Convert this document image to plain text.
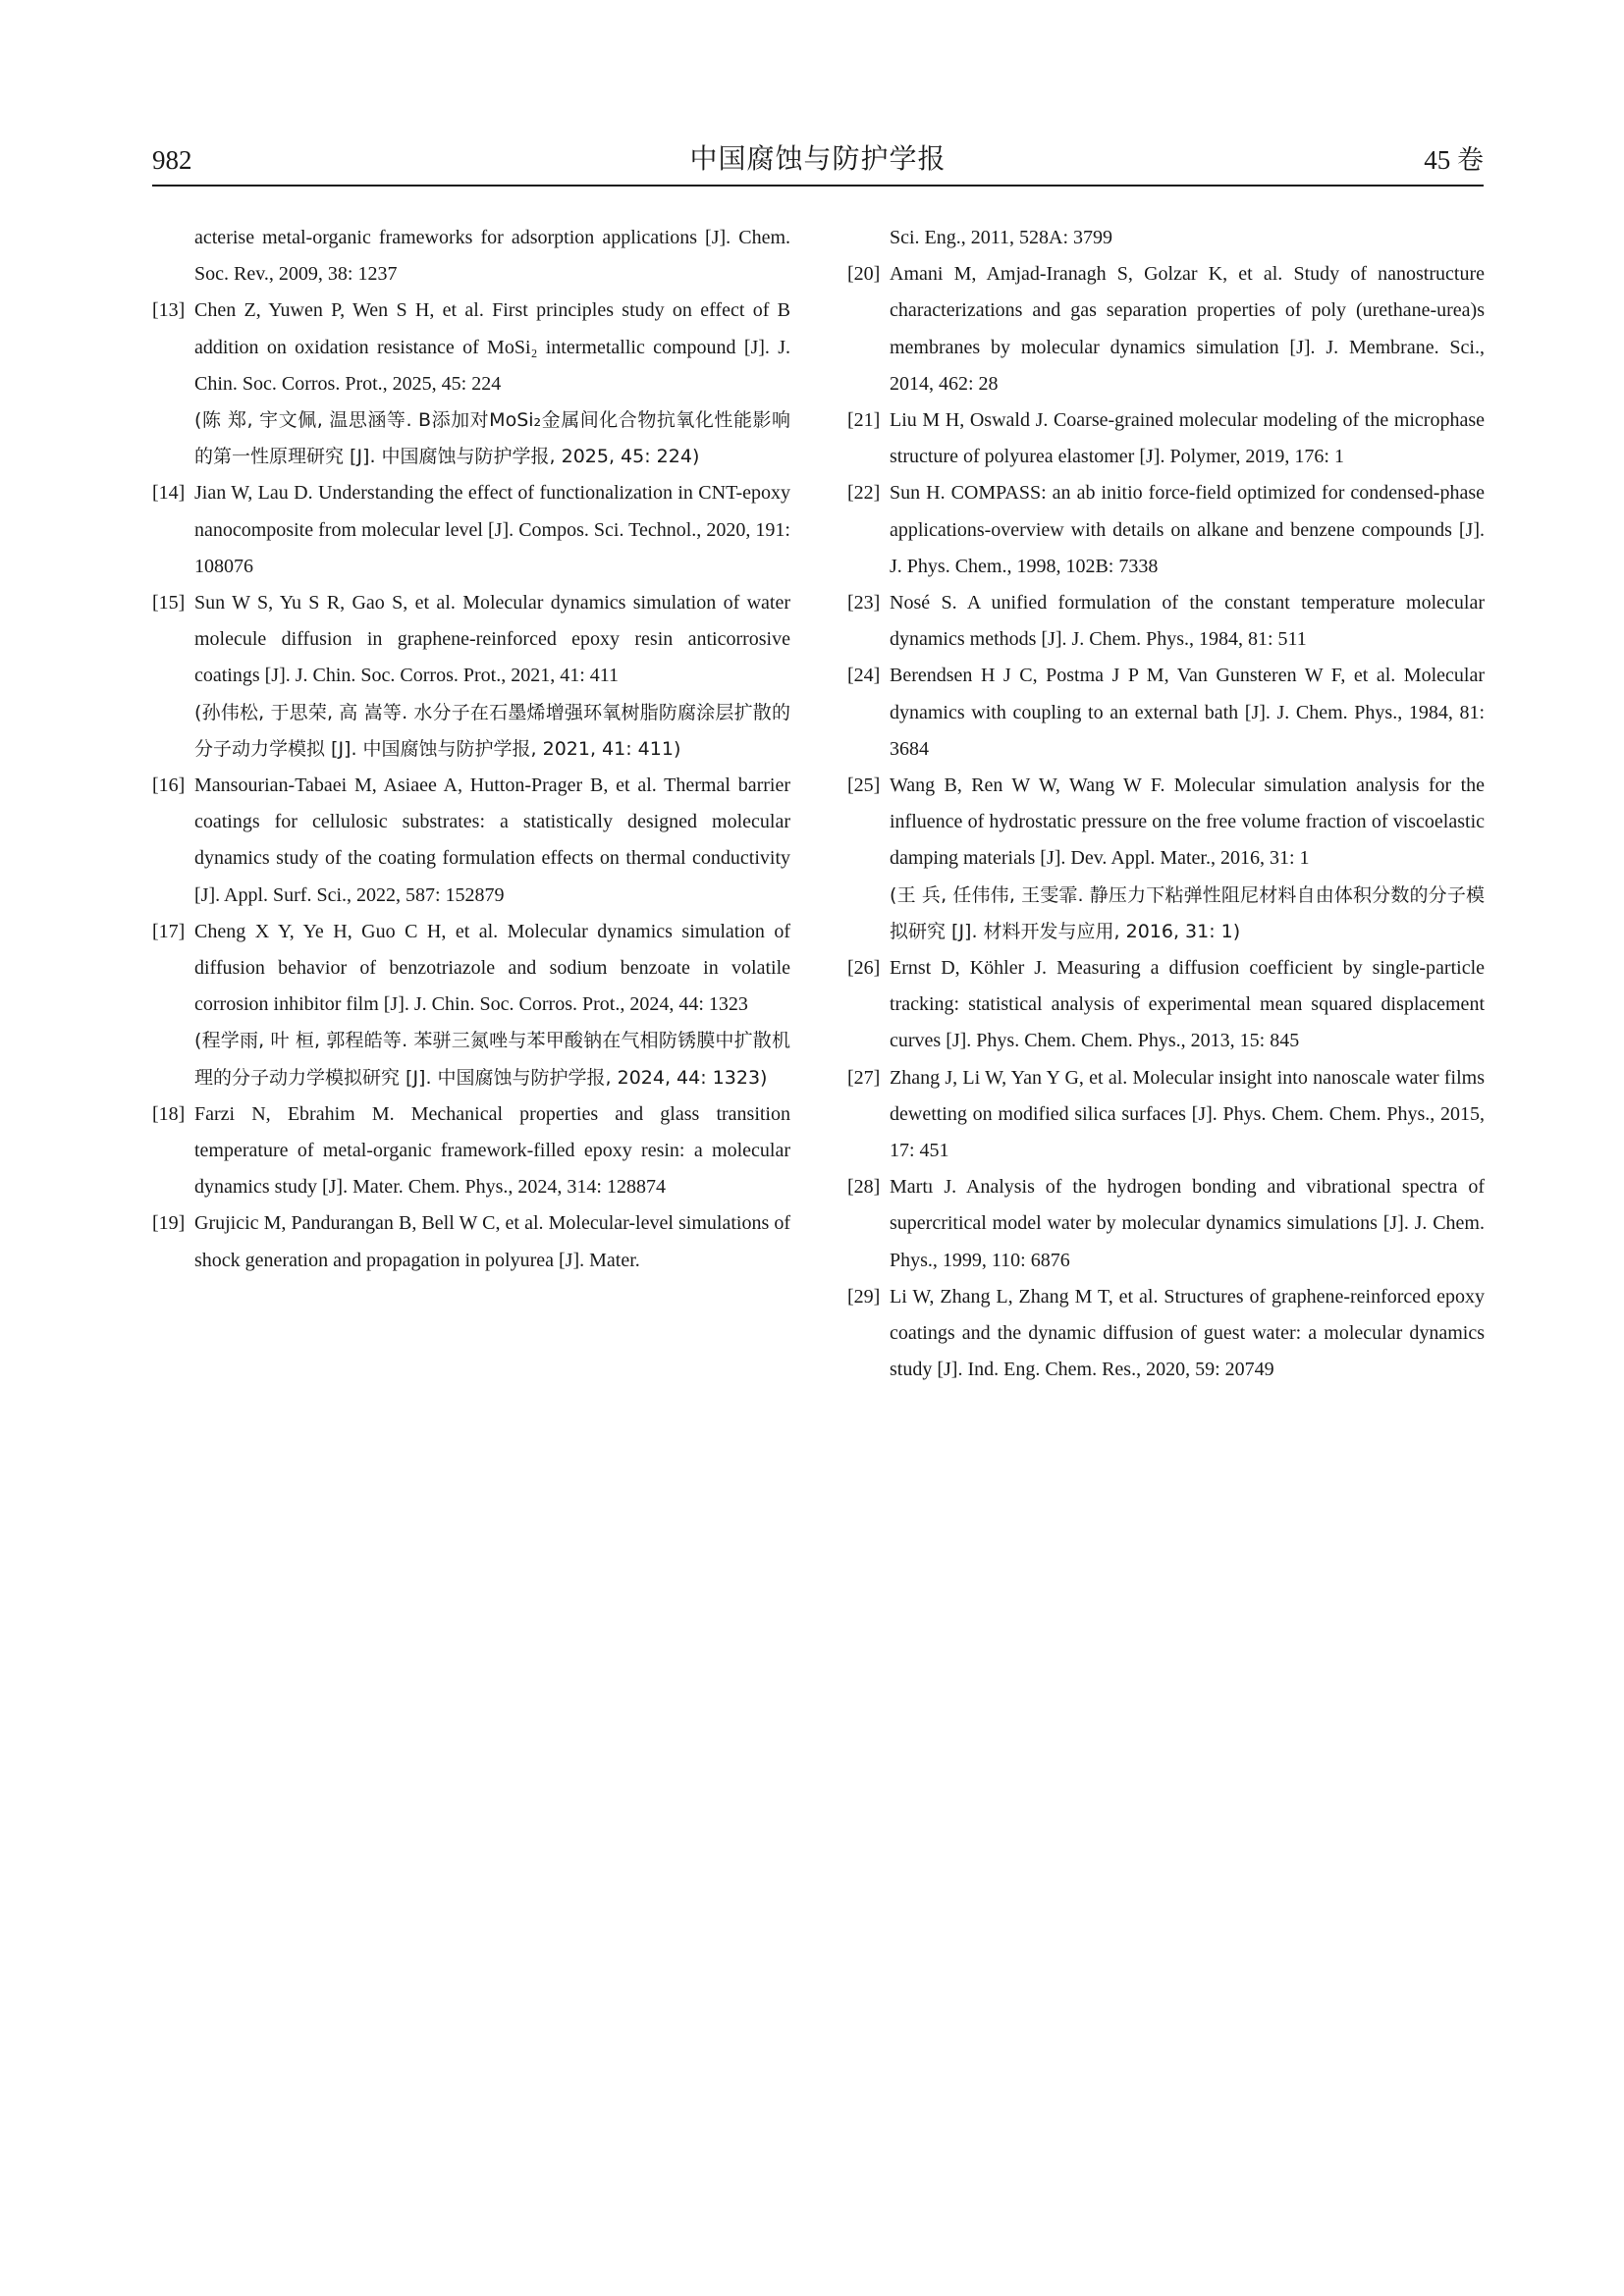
982	中国腐蚀与防护学报	45 卷
acterise metal-organic frameworks for adsorption applications [J]. Chem. Soc. Rev., 2009, 38: 1237
[13] Chen Z, Yuwen P, Wen S H, et al. First principles study on effect of B addition on oxidation resistance of MoSi₂ intermetallic compound [J]. J. Chin. Soc. Corros. Prot., 2025, 45: 224
(陈 郑, 宇文佩, 温思涵等. B添加对MoSi₂金属间化合物抗氧化性能影响的第一性原理研究 [J]. 中国腐蚀与防护学报, 2025, 45: 224)
[14] Jian W, Lau D. Understanding the effect of functionalization in CNT-epoxy nanocomposite from molecular level [J]. Compos. Sci. Technol., 2020, 191: 108076
[15] Sun W S, Yu S R, Gao S, et al. Molecular dynamics simulation of water molecule diffusion in graphene-reinforced epoxy resin anticorrosive coatings [J]. J. Chin. Soc. Corros. Prot., 2021, 41: 411
(孙伟松, 于思荣, 高 嵩等. 水分子在石墨烯增强环氧树脂防腐涂层扩散的分子动力学模拟 [J]. 中国腐蚀与防护学报, 2021, 41: 411)
[16] Mansourian-Tabaei M, Asiaee A, Hutton-Prager B, et al. Thermal barrier coatings for cellulosic substrates: a statistically designed molecular dynamics study of the coating formulation effects on thermal conductivity [J]. Appl. Surf. Sci., 2022, 587: 152879
[17] Cheng X Y, Ye H, Guo C H, et al. Molecular dynamics simulation of diffusion behavior of benzotriazole and sodium benzoate in volatile corrosion inhibitor film [J]. J. Chin. Soc. Corros. Prot., 2024, 44: 1323
(程学雨, 叶 桓, 郭程皓等. 苯骈三氮唑与苯甲酸钠在气相防锈膜中扩散机理的分子动力学模拟研究 [J]. 中国腐蚀与防护学报, 2024, 44: 1323)
[18] Farzi N, Ebrahim M. Mechanical properties and glass transition temperature of metal-organic framework-filled epoxy resin: a molecular dynamics study [J]. Mater. Chem. Phys., 2024, 314: 128874
[19] Grujicic M, Pandurangan B, Bell W C, et al. Molecular-level simulations of shock generation and propagation in polyurea [J]. Mater.
Sci. Eng., 2011, 528A: 3799
[20] Amani M, Amjad-Iranagh S, Golzar K, et al. Study of nanostructure characterizations and gas separation properties of poly (urethane-urea)s membranes by molecular dynamics simulation [J]. J. Membrane. Sci., 2014, 462: 28
[21] Liu M H, Oswald J. Coarse-grained molecular modeling of the microphase structure of polyurea elastomer [J]. Polymer, 2019, 176: 1
[22] Sun H. COMPASS: an ab initio force-field optimized for condensed-phase applications-overview with details on alkane and benzene compounds [J]. J. Phys. Chem., 1998, 102B: 7338
[23] Nosé S. A unified formulation of the constant temperature molecular dynamics methods [J]. J. Chem. Phys., 1984, 81: 511
[24] Berendsen H J C, Postma J P M, Van Gunsteren W F, et al. Molecular dynamics with coupling to an external bath [J]. J. Chem. Phys., 1984, 81: 3684
[25] Wang B, Ren W W, Wang W F. Molecular simulation analysis for the influence of hydrostatic pressure on the free volume fraction of viscoelastic damping materials [J]. Dev. Appl. Mater., 2016, 31: 1
(王 兵, 任伟伟, 王雯霏. 静压力下粘弹性阻尼材料自由体积分数的分子模拟研究 [J]. 材料开发与应用, 2016, 31: 1)
[26] Ernst D, Köhler J. Measuring a diffusion coefficient by single-particle tracking: statistical analysis of experimental mean squared displacement curves [J]. Phys. Chem. Chem. Phys., 2013, 15: 845
[27] Zhang J, Li W, Yan Y G, et al. Molecular insight into nanoscale water films dewetting on modified silica surfaces [J]. Phys. Chem. Chem. Phys., 2015, 17: 451
[28] Martı J. Analysis of the hydrogen bonding and vibrational spectra of supercritical model water by molecular dynamics simulations [J]. J. Chem. Phys., 1999, 110: 6876
[29] Li W, Zhang L, Zhang M T, et al. Structures of graphene-reinforced epoxy coatings and the dynamic diffusion of guest water: a molecular dynamics study [J]. Ind. Eng. Chem. Res., 2020, 59: 20749
